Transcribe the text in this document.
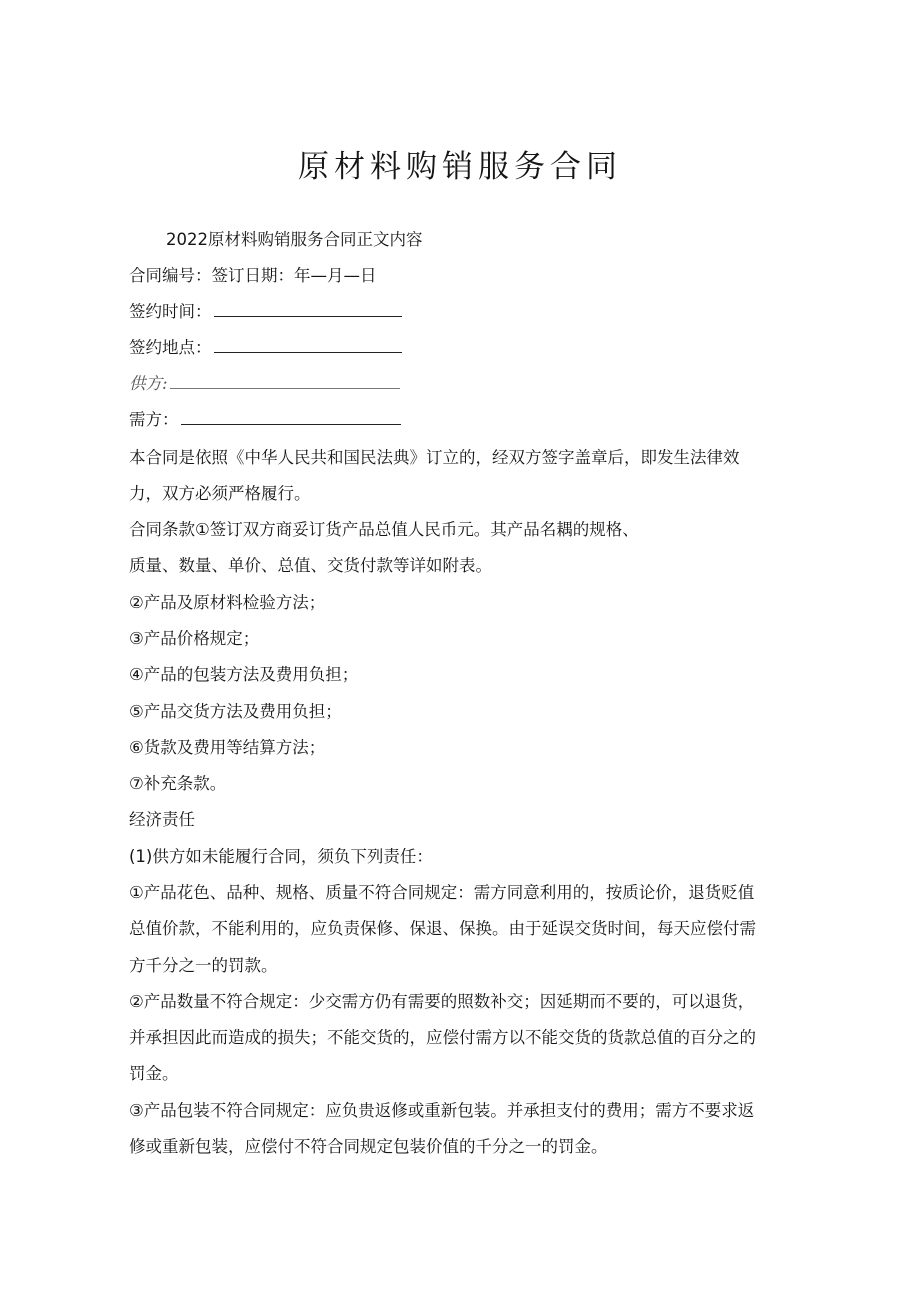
原材料购销服务合同
2022原材料购销服务合同正文内容
合同编号：签订日期：年—月—日
签约时间：
签约地点：
供方:
需方：
本合同是依照《中华人民共和国民法典》订立的，经双方签字盖章后，即发生法律效
力，双方必须严格履行。
合同条款①签订双方商妥订货产品总值人民币元。其产品名耦的规格、
质量、数量、单价、总值、交货付款等详如附表。
②产品及原材料检验方法；
③产品价格规定；
④产品的包装方法及费用负担；
⑤产品交货方法及费用负担；
⑥货款及费用等结算方法；
⑦补充条款。
经济责任
(1)供方如未能履行合同，须负下列责任：
①产品花色、品种、规格、质量不符合同规定：需方同意利用的，按质论价，退货贬值
总值价款，不能利用的，应负责保修、保退、保换。由于延误交货时间，每天应偿付需
方千分之一的罚款。
②产品数量不符合规定：少交需方仍有需要的照数补交；因延期而不要的，可以退货，
并承担因此而造成的损失；不能交货的，应偿付需方以不能交货的货款总值的百分之的
罚金。
③产品包装不符合同规定：应负贵返修或重新包装。并承担支付的费用；需方不要求返
修或重新包装，应偿付不符合同规定包装价值的千分之一的罚金。
